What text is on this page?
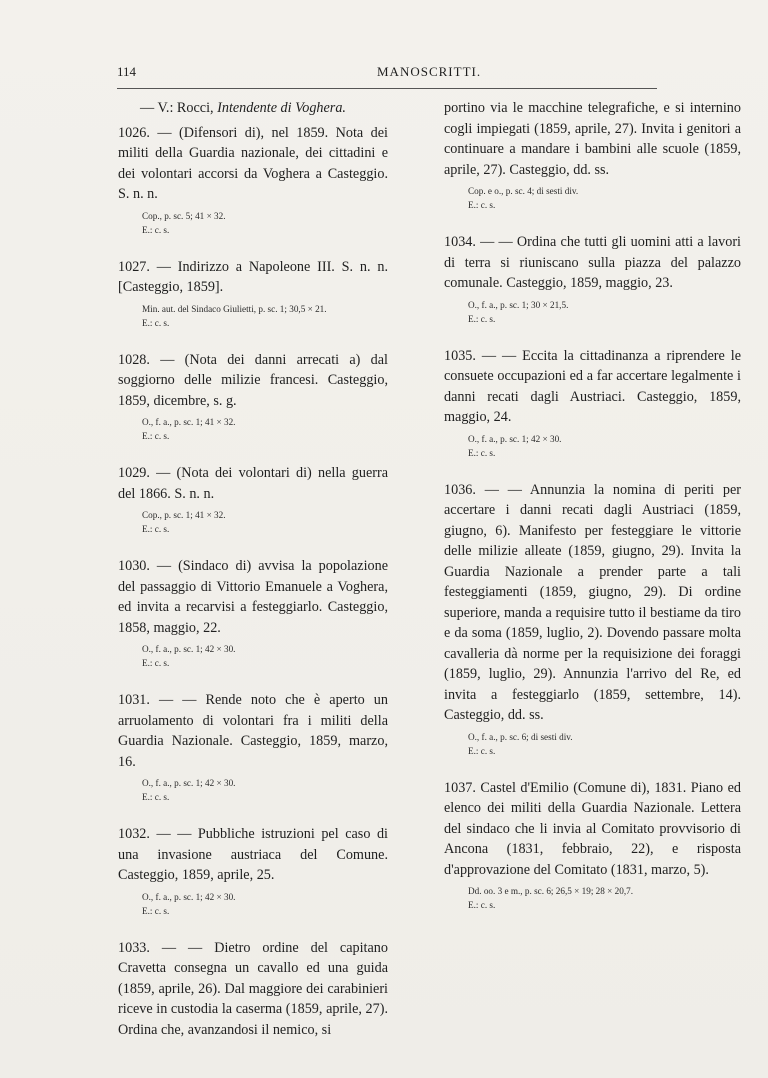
114	MANOSCRITTI.
— V.: Rocci, Intendente di Voghera.
1026. — (Difensori di), nel 1859. Nota dei militi della Guardia nazionale, dei cittadini e dei volontari accorsi da Voghera a Casteggio. S. n. n.
Cop., p. sc. 5; 41 × 32.
E.: c. s.
1027. — Indirizzo a Napoleone III. S. n. n. [Casteggio, 1859].
Min. aut. del Sindaco Giulietti, p. sc. 1; 30,5 × 21.
E.: c. s.
1028. — (Nota dei danni arrecati a) dal soggiorno delle milizie francesi. Casteggio, 1859, dicembre, s. g.
O., f. a., p. sc. 1; 41 × 32.
E.: c. s.
1029. — (Nota dei volontari di) nella guerra del 1866. S. n. n.
Cop., p. sc. 1; 41 × 32.
E.: c. s.
1030. — (Sindaco di) avvisa la popolazione del passaggio di Vittorio Emanuele a Voghera, ed invita a recarvisi a festeggiarlo. Casteggio, 1858, maggio, 22.
O., f. a., p. sc. 1; 42 × 30.
E.: c. s.
1031. — — Rende noto che è aperto un arruolamento di volontari fra i militi della Guardia Nazionale. Casteggio, 1859, marzo, 16.
O., f. a., p. sc. 1; 42 × 30.
E.: c. s.
1032. — — Pubbliche istruzioni pel caso di una invasione austriaca del Comune. Casteggio, 1859, aprile, 25.
O., f. a., p. sc. 1; 42 × 30.
E.: c. s.
1033. — — Dietro ordine del capitano Cravetta consegna un cavallo ed una guida (1859, aprile, 26). Dal maggiore dei carabinieri riceve in custodia la caserma (1859, aprile, 27). Ordina che, avanzandosi il nemico, si
portino via le macchine telegrafiche, e si internino cogli impiegati (1859, aprile, 27). Invita i genitori a continuare a mandare i bambini alle scuole (1859, aprile, 27). Casteggio, dd. ss.
Cop. e o., p. sc. 4; di sesti div.
E.: c. s.
1034. — — Ordina che tutti gli uomini atti a lavori di terra si riuniscano sulla piazza del palazzo comunale. Casteggio, 1859, maggio, 23.
O., f. a., p. sc. 1; 30 × 21,5.
E.: c. s.
1035. — — Eccita la cittadinanza a riprendere le consuete occupazioni ed a far accertare legalmente i danni recati dagli Austriaci. Casteggio, 1859, maggio, 24.
O., f. a., p. sc. 1; 42 × 30.
E.: c. s.
1036. — — Annunzia la nomina di periti per accertare i danni recati dagli Austriaci (1859, giugno, 6). Manifesto per festeggiare le vittorie delle milizie alleate (1859, giugno, 29). Invita la Guardia Nazionale a prender parte a tali festeggiamenti (1859, giugno, 29). Di ordine superiore, manda a requisire tutto il bestiame da tiro e da soma (1859, luglio, 2). Dovendo passare molta cavalleria dà norme per la requisizione dei foraggi (1859, luglio, 29). Annunzia l'arrivo del Re, ed invita a festeggiarlo (1859, settembre, 14). Casteggio, dd. ss.
O., f. a., p. sc. 6; di sesti div.
E.: c. s.
1037. Castel d'Emilio (Comune di), 1831. Piano ed elenco dei militi della Guardia Nazionale. Lettera del sindaco che li invia al Comitato provvisorio di Ancona (1831, febbraio, 22), e risposta d'approvazione del Comitato (1831, marzo, 5).
Dd. oo. 3 e m., p. sc. 6; 26,5 × 19; 28 × 20,7.
E.: c. s.
